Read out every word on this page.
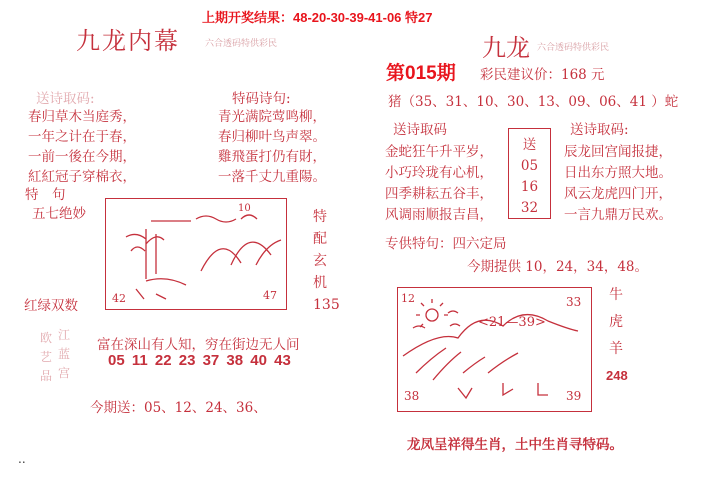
上期开奖结果：48-20-30-39-41-06 特27
九龙内幕	六合透码特供彩民
送诗取码:
春归草木当庭秀，
一年之计在于春，
一前一後在今期，
紅紅冠子穿棉衣，
特码诗句:
青光满院莺鸣柳，
春归柳叶鸟声翠。
雞飛蛋打仍有財，
一落千丈九重陽。
特　句
五七绝妙	10
42	47
特
配
玄
机
135
红绿双数
欧
艺
品
江
蓝
宫
富在深山有人知，穷在街边无人问
05 11 22 23 37 38 40 43
今期送：05、12、24、36、
..
九龙 六合透码特供彩民
第015期 彩民建议价：168 元
猪（35、31、10、30、13、09、06、41 ）蛇
送诗取码
金蛇狂午升平岁，
小巧玲珑有心机，
四季耕耘五谷丰，
风调雨顺报吉昌，
送
05
16
32
送诗取码:
辰龙回宫闻报捷，
日出东方照大地。
风云龙虎四门开，
一言九鼎万民欢。
专供特句：四六定局
今期提供 10，24，34，48。
12	33
38	39
<21—39>
牛
虎
羊
248
龙凤呈祥得生肖，土中生肖寻特码。
